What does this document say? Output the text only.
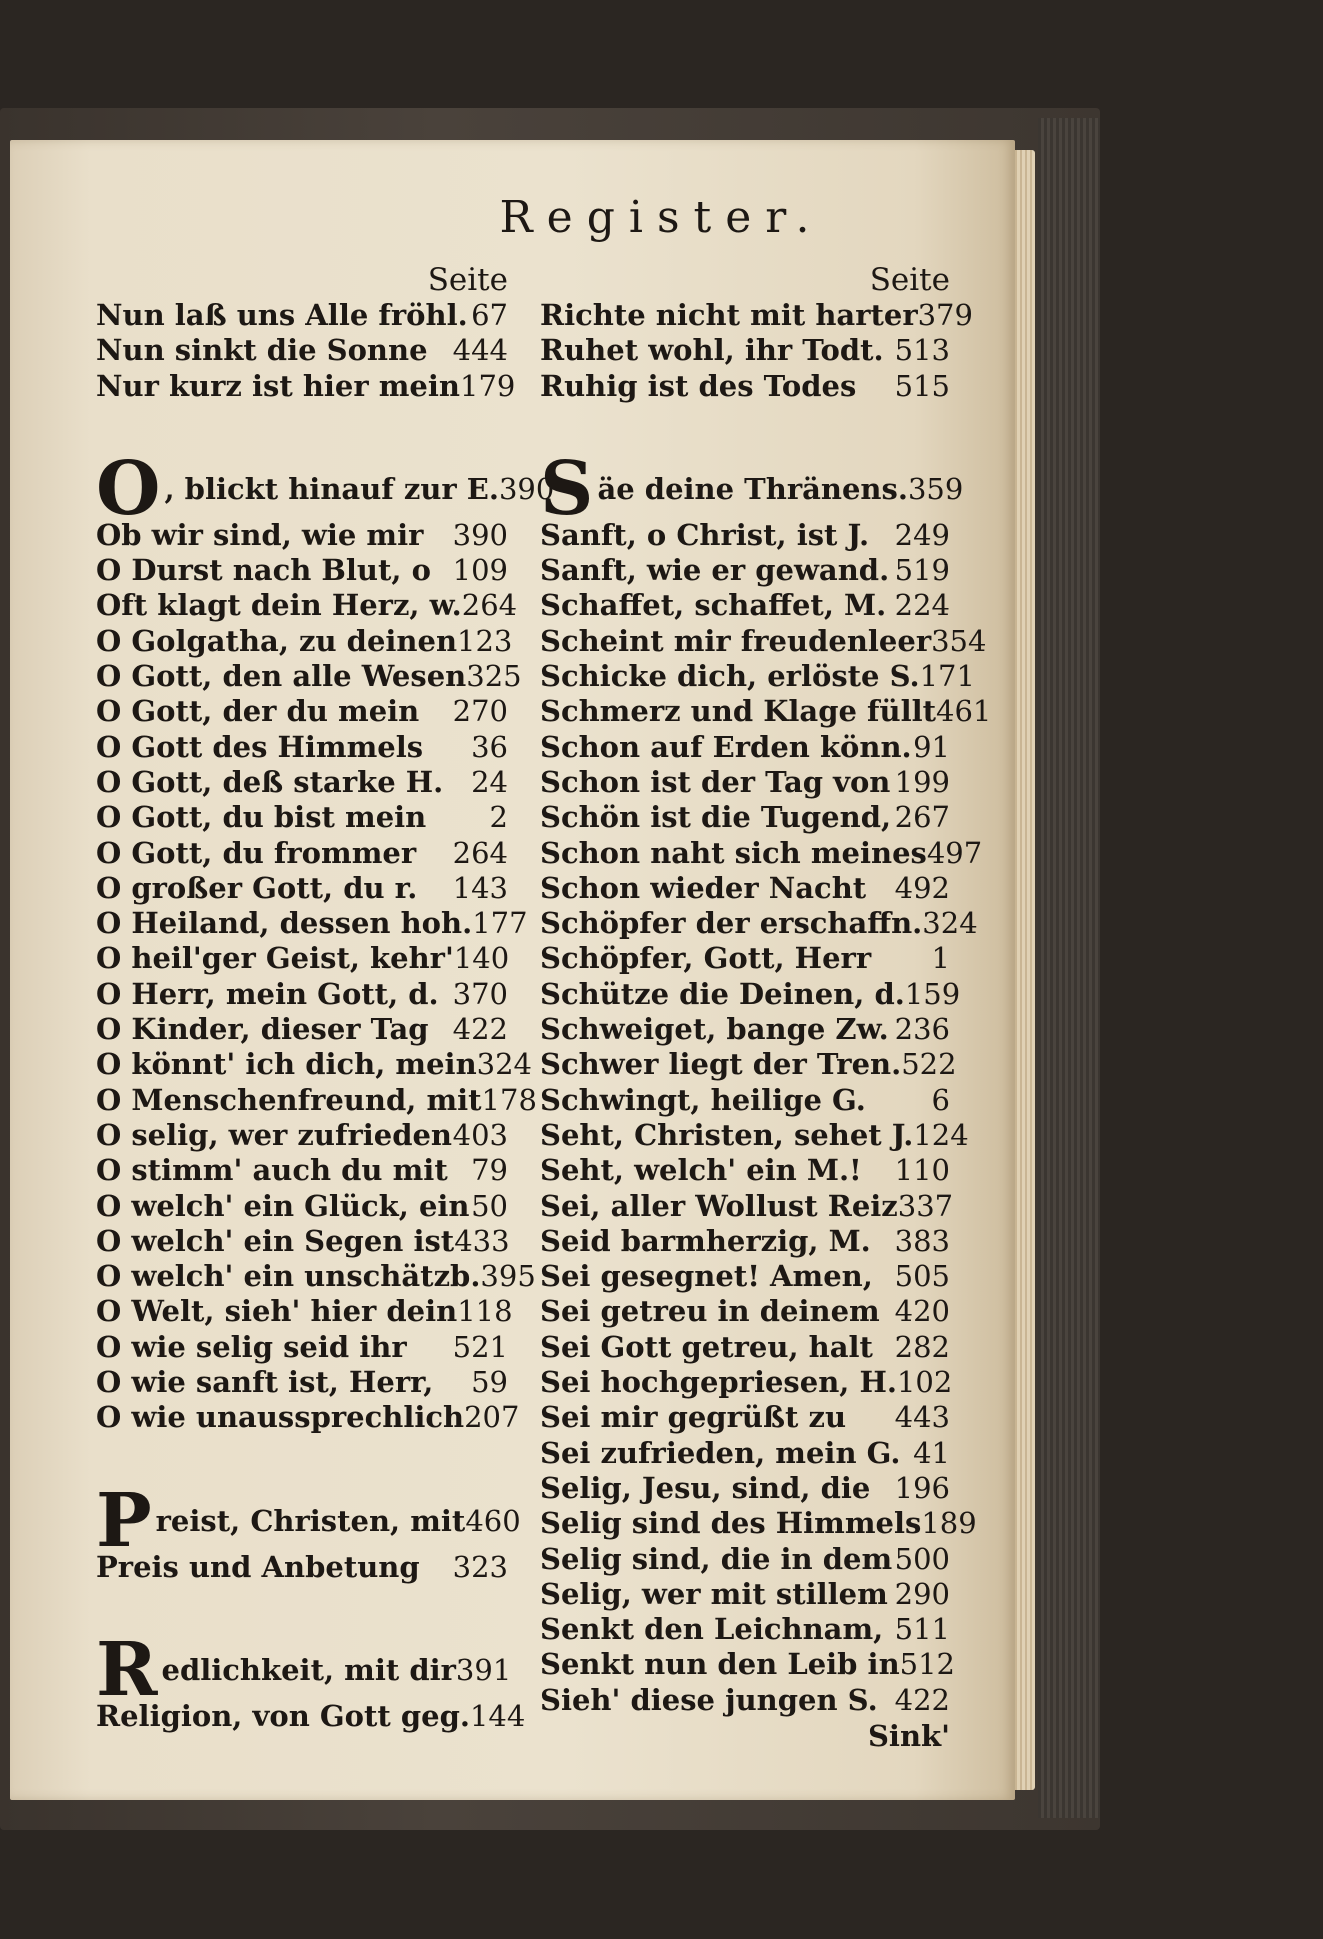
Register.
Seite
Nun laß uns Alle fröhl. 67
Nun sinkt die Sonne 444
Nur kurz ist hier mein 179
O , blickt hinauf zur E. 390
Ob wir sind, wie mir 390
O Durst nach Blut, o 109
Oft klagt dein Herz, w. 264
O Golgatha, zu deinen 123
O Gott, den alle Wesen 325
O Gott, der du mein 270
O Gott des Himmels 36
O Gott, deß starke H. 24
O Gott, du bist mein 2
O Gott, du frommer 264
O großer Gott, du r. 143
O Heiland, dessen hoh. 177
O heil'ger Geist, kehr' 140
O Herr, mein Gott, d. 370
O Kinder, dieser Tag 422
O könnt' ich dich, mein 324
O Menschenfreund, mit 178
O selig, wer zufrieden 403
O stimm' auch du mit 79
O welch' ein Glück, ein 50
O welch' ein Segen ist 433
O welch' ein unschätzb. 395
O Welt, sieh' hier dein 118
O wie selig seid ihr 521
O wie sanft ist, Herr, 59
O wie unaussprechlich 207
P reist, Christen, mit 460
Preis und Anbetung 323
R edlichkeit, mit dir 391
Religion, von Gott geg. 144
Seite
Richte nicht mit harter 379
Ruhet wohl, ihr Todt. 513
Ruhig ist des Todes 515
S äe deine Thränens. 359
Sanft, o Christ, ist J. 249
Sanft, wie er gewand. 519
Schaffet, schaffet, M. 224
Scheint mir freudenleer 354
Schicke dich, erlöste S. 171
Schmerz und Klage füllt 461
Schon auf Erden könn. 91
Schon ist der Tag von 199
Schön ist die Tugend, 267
Schon naht sich meines 497
Schon wieder Nacht 492
Schöpfer der erschaffn. 324
Schöpfer, Gott, Herr 1
Schütze die Deinen, d. 159
Schweiget, bange Zw. 236
Schwer liegt der Tren. 522
Schwingt, heilige G. 6
Seht, Christen, sehet J. 124
Seht, welch' ein M.! 110
Sei, aller Wollust Reiz 337
Seid barmherzig, M. 383
Sei gesegnet! Amen, 505
Sei getreu in deinem 420
Sei Gott getreu, halt 282
Sei hochgepriesen, H. 102
Sei mir gegrüßt zu 443
Sei zufrieden, mein G. 41
Selig, Jesu, sind, die 196
Selig sind des Himmels 189
Selig sind, die in dem 500
Selig, wer mit stillem 290
Senkt den Leichnam, 511
Senkt nun den Leib in 512
Sieh' diese jungen S. 422
Sink'
